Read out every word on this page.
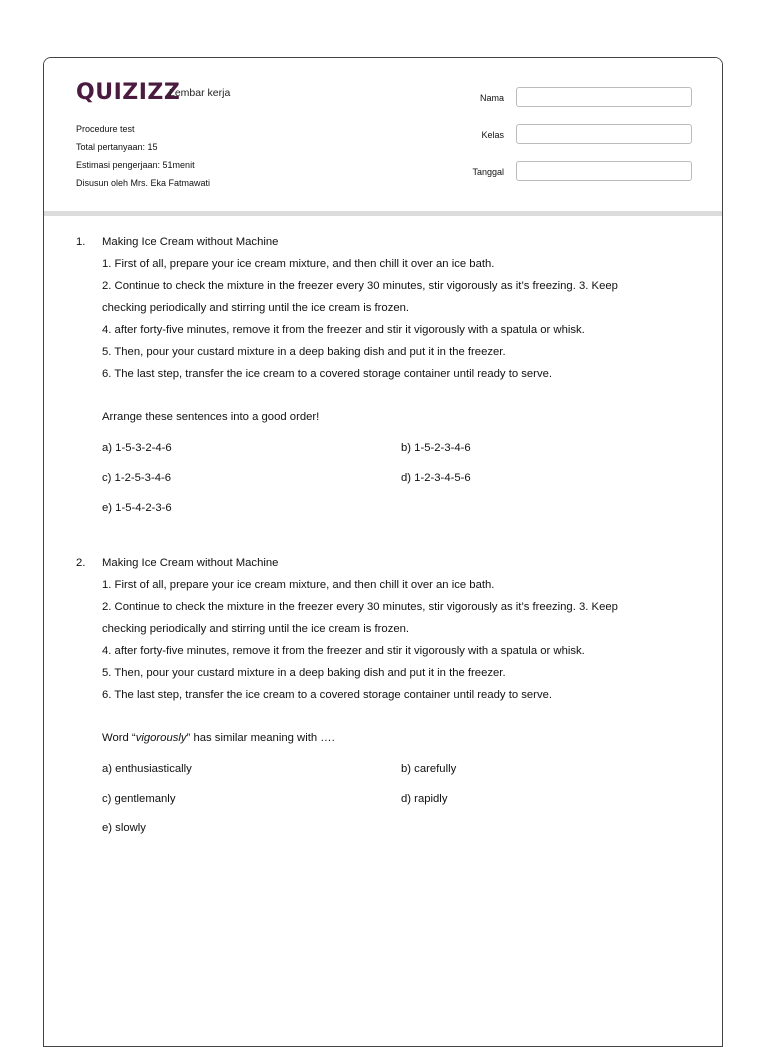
QUIZIZZ
Lembar kerja
Procedure test
Total pertanyaan: 15
Estimasi pengerjaan: 51menit
Disusun oleh Mrs. Eka Fatmawati
Nama
Kelas
Tanggal
1. Making Ice Cream without Machine
1. First of all, prepare your ice cream mixture, and then chill it over an ice bath.
2. Continue to check the mixture in the freezer every 30 minutes, stir vigorously as it’s freezing. 3. Keep checking periodically and stirring until the ice cream is frozen.
4. after forty-five minutes, remove it from the freezer and stir it vigorously with a spatula or whisk.
5. Then, pour your custard mixture in a deep baking dish and put it in the freezer.
6. The last step, transfer the ice cream to a covered storage container until ready to serve.
Arrange these sentences into a good order!
a) 1-5-3-2-4-6	b) 1-5-2-3-4-6
c) 1-2-5-3-4-6	d) 1-2-3-4-5-6
e) 1-5-4-2-3-6
2. Making Ice Cream without Machine
1. First of all, prepare your ice cream mixture, and then chill it over an ice bath.
2. Continue to check the mixture in the freezer every 30 minutes, stir vigorously as it’s freezing. 3. Keep checking periodically and stirring until the ice cream is frozen.
4. after forty-five minutes, remove it from the freezer and stir it vigorously with a spatula or whisk.
5. Then, pour your custard mixture in a deep baking dish and put it in the freezer.
6. The last step, transfer the ice cream to a covered storage container until ready to serve.
Word “vigorously” has similar meaning with ….
a) enthusiastically	b) carefully
c) gentlemanly	d) rapidly
e) slowly
